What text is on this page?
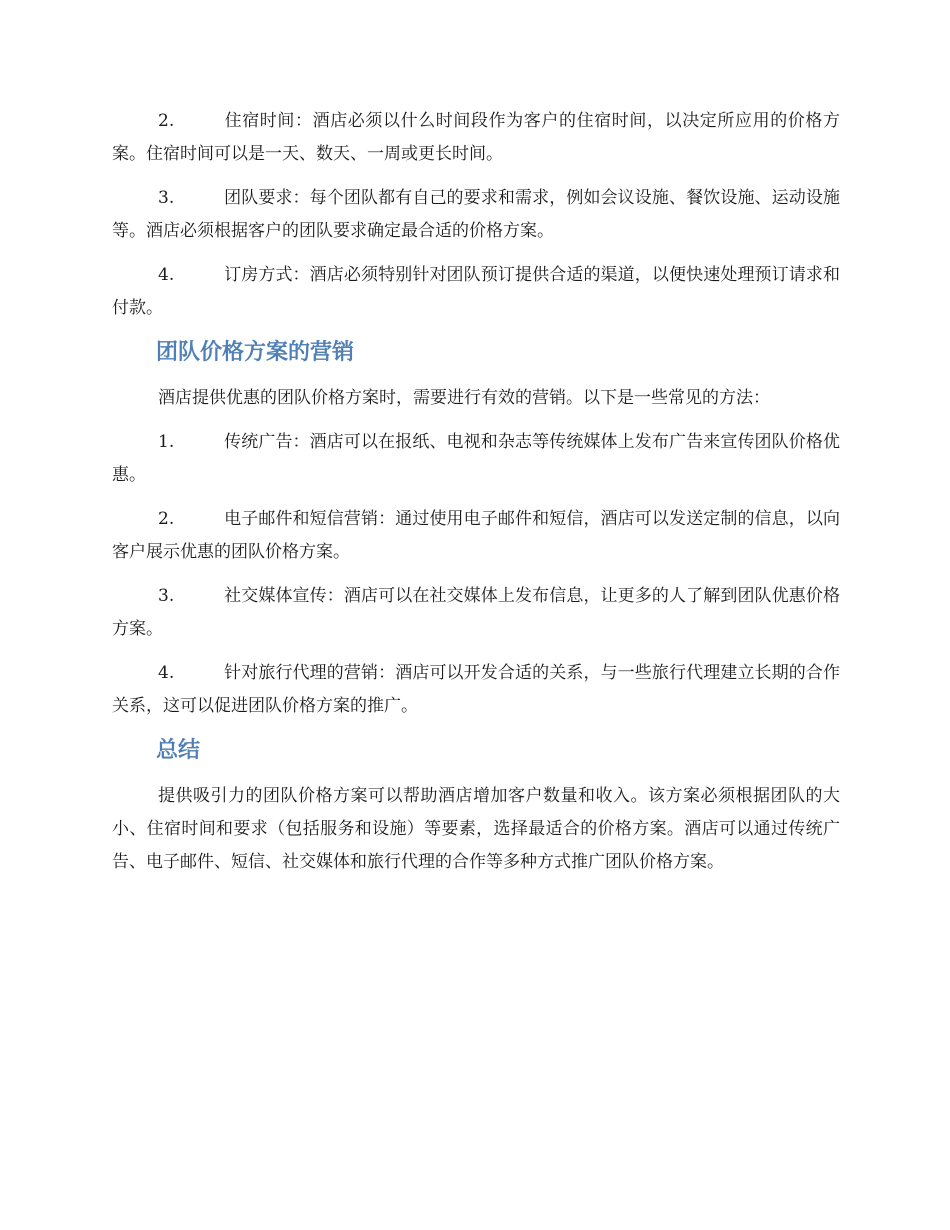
2.	住宿时间：酒店必须以什么时间段作为客户的住宿时间，以决定所应用的价格方案。住宿时间可以是一天、数天、一周或更长时间。
3.	团队要求：每个团队都有自己的要求和需求，例如会议设施、餐饮设施、运动设施等。酒店必须根据客户的团队要求确定最合适的价格方案。
4.	订房方式：酒店必须特别针对团队预订提供合适的渠道，以便快速处理预订请求和付款。
团队价格方案的营销
酒店提供优惠的团队价格方案时，需要进行有效的营销。以下是一些常见的方法：
1.	传统广告：酒店可以在报纸、电视和杂志等传统媒体上发布广告来宣传团队价格优惠。
2.	电子邮件和短信营销：通过使用电子邮件和短信，酒店可以发送定制的信息，以向客户展示优惠的团队价格方案。
3.	社交媒体宣传：酒店可以在社交媒体上发布信息，让更多的人了解到团队优惠价格方案。
4.	针对旅行代理的营销：酒店可以开发合适的关系，与一些旅行代理建立长期的合作关系，这可以促进团队价格方案的推广。
总结
提供吸引力的团队价格方案可以帮助酒店增加客户数量和收入。该方案必须根据团队的大小、住宿时间和要求（包括服务和设施）等要素，选择最适合的价格方案。酒店可以通过传统广告、电子邮件、短信、社交媒体和旅行代理的合作等多种方式推广团队价格方案。
